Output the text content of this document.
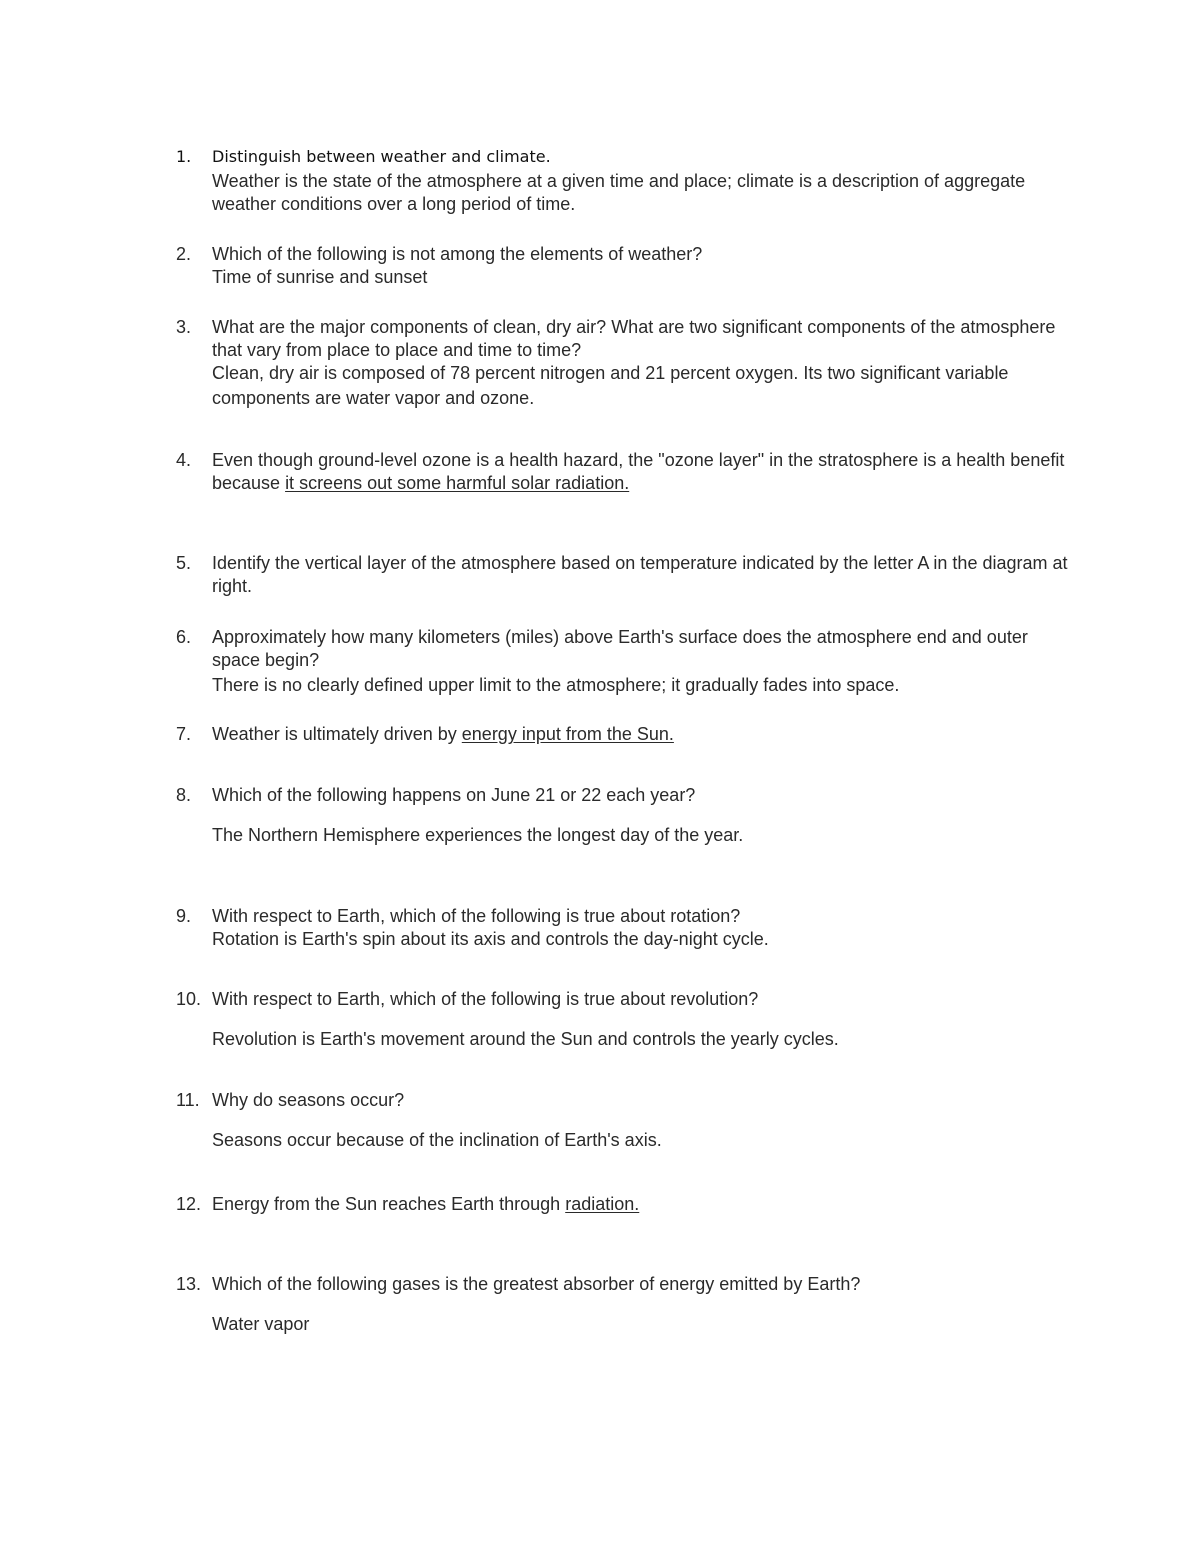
1.	Distinguish between weather and climate.
Weather is the state of the atmosphere at a given time and place; climate is a description of aggregate weather conditions over a long period of time.
2.	Which of the following is not among the elements of weather?
Time of sunrise and sunset
3.	What are the major components of clean, dry air? What are two significant components of the atmosphere that vary from place to place and time to time?
Clean, dry air is composed of 78 percent nitrogen and 21 percent oxygen. Its two significant variable components are water vapor and ozone.
4.	Even though ground-level ozone is a health hazard, the "ozone layer" in the stratosphere is a health benefit because it screens out some harmful solar radiation.
5.	Identify the vertical layer of the atmosphere based on temperature indicated by the letter A in the diagram at right.
6.	Approximately how many kilometers (miles) above Earth's surface does the atmosphere end and outer space begin?
There is no clearly defined upper limit to the atmosphere; it gradually fades into space.
7.	Weather is ultimately driven by energy input from the Sun.
8.	Which of the following happens on June 21 or 22 each year?
The Northern Hemisphere experiences the longest day of the year.
9.	With respect to Earth, which of the following is true about rotation?
Rotation is Earth's spin about its axis and controls the day-night cycle.
10. With respect to Earth, which of the following is true about revolution?
Revolution is Earth's movement around the Sun and controls the yearly cycles.
11. Why do seasons occur?
Seasons occur because of the inclination of Earth's axis.
12. Energy from the Sun reaches Earth through radiation.
13. Which of the following gases is the greatest absorber of energy emitted by Earth?
Water vapor
